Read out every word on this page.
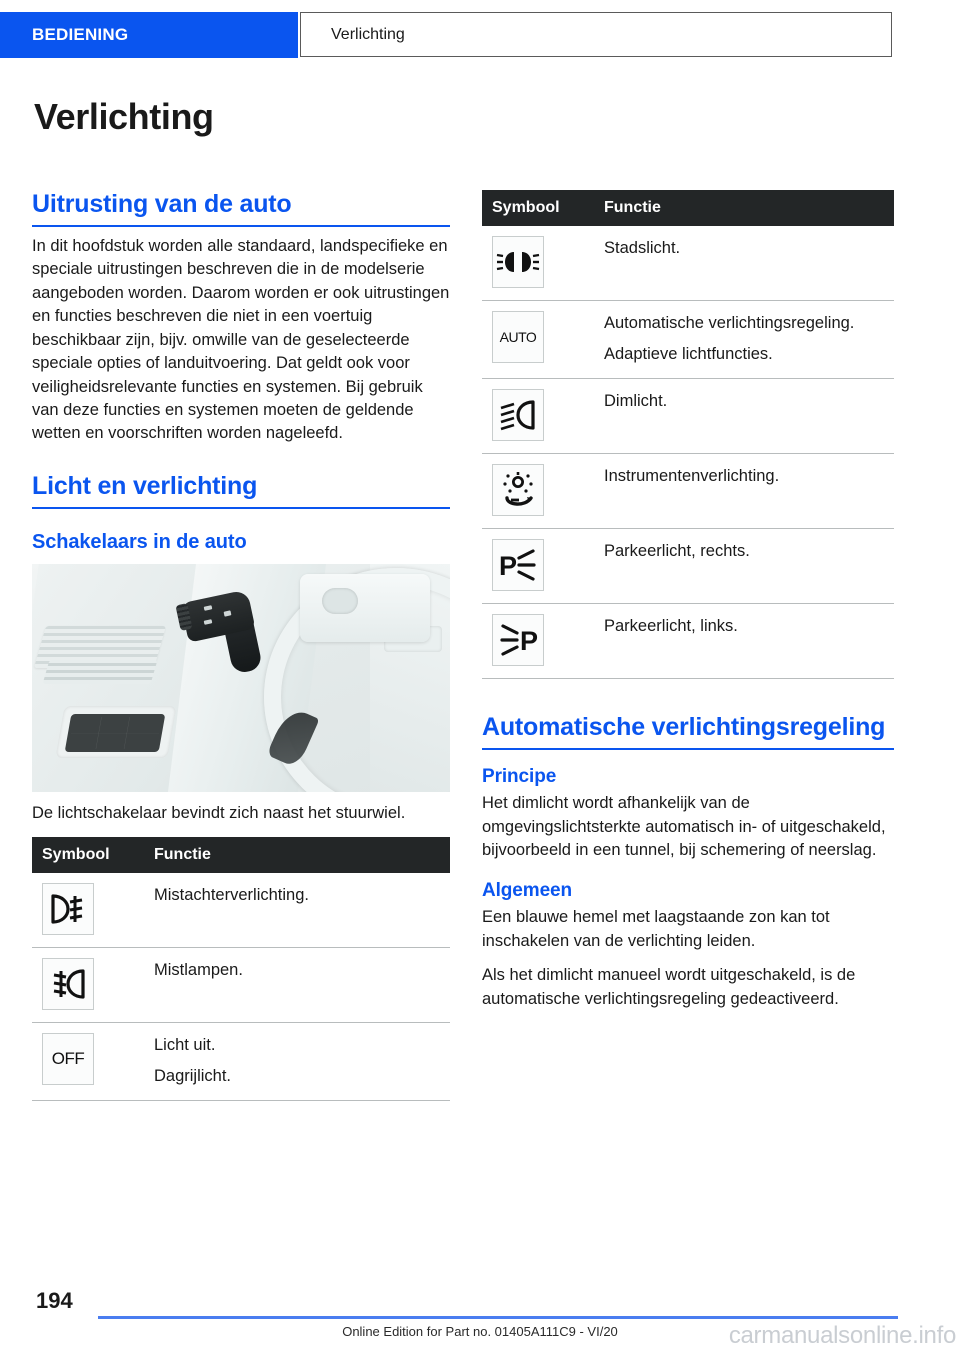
BEDIENING	Verlichting
Verlichting
Uitrusting van de auto

In dit hoofdstuk worden alle standaard, landspecifieke en speciale uitrustingen beschreven die in de modelserie aangeboden worden. Daarom worden er ook uitrustingen en functies beschreven die niet in een voertuig beschikbaar zijn, bijv. omwille van de geselecteerde speciale opties of landuitvoering. Dat geldt ook voor veiligheidsrelevante functies en systemen. Bij gebruik van deze functies en systemen moeten de geldende wetten en voorschriften worden nageleefd.

Licht en verlichting
Schakelaars in de auto

De lichtschakelaar bevindt zich naast het stuurwiel.

Symbool	Functie

Mistachterverlichting.

Mistlampen.

OFF	Licht uit.
Dagrijlicht.
Symbool	Functie

Stadslicht.

AUTO	Automatische verlichtingsregeling.
Adaptieve lichtfuncties.

Dimlicht.

Instrumentenverlichting.

P	Parkeerlicht, rechts.

P	Parkeerlicht, links.
Automatische verlichtingsregeling
Principe

Het dimlicht wordt afhankelijk van de omgevingslichtsterkte automatisch in- of uitgeschakeld, bijvoorbeeld in een tunnel, bij schemering of neerslag.

Algemeen

Een blauwe hemel met laagstaande zon kan tot inschakelen van de verlichting leiden.

Als het dimlicht manueel wordt uitgeschakeld, is de automatische verlichtingsregeling gedeactiveerd.

194
Online Edition for Part no. 01405A111C9 - VI/20	carmanualsonline.info
